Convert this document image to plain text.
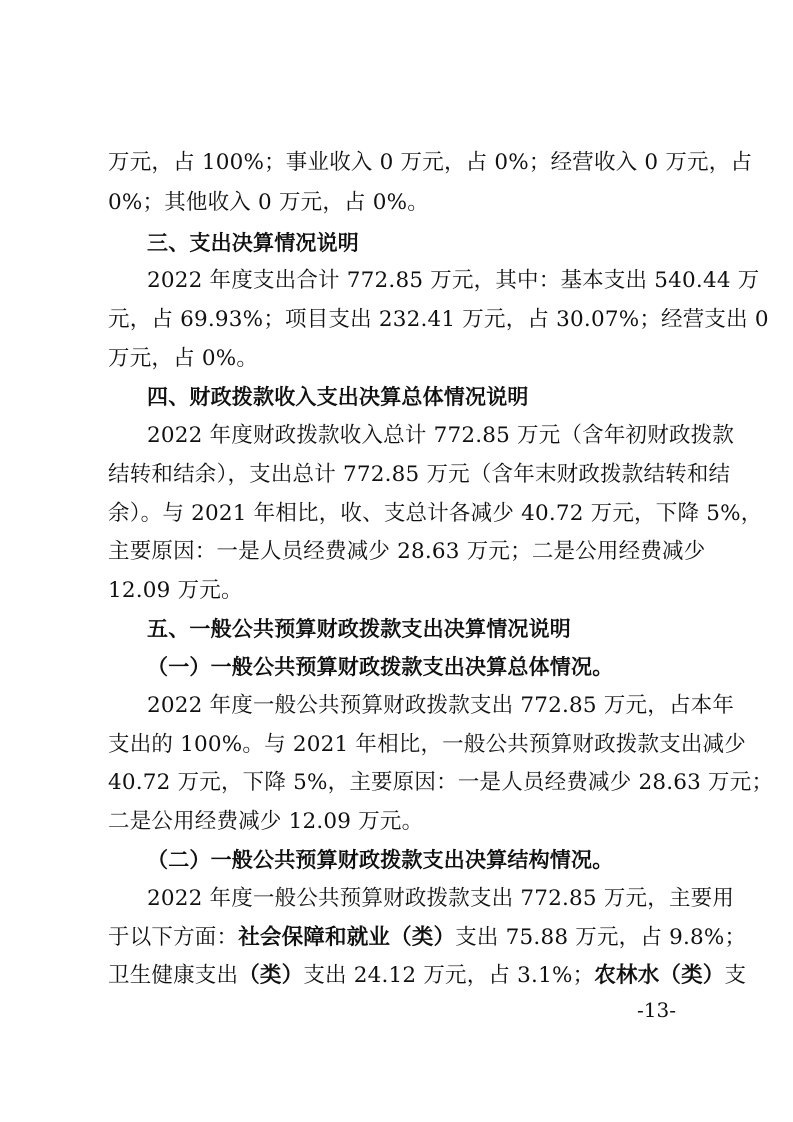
万元，占 100%；事业收入 0 万元，占 0%；经营收入 0 万元，占
0%；其他收入 0 万元，占 0%。
三、支出决算情况说明
2022 年度支出合计 772.85 万元，其中：基本支出 540.44 万
元，占 69.93%；项目支出 232.41 万元，占 30.07%；经营支出 0
万元，占 0%。
四、财政拨款收入支出决算总体情况说明
2022 年度财政拨款收入总计 772.85 万元（含年初财政拨款
结转和结余），支出总计 772.85 万元（含年末财政拨款结转和结
余）。与 2021 年相比，收、支总计各减少 40.72 万元，下降 5%，
主要原因：一是人员经费减少 28.63 万元；二是公用经费减少
12.09 万元。
五、一般公共预算财政拨款支出决算情况说明
（一）一般公共预算财政拨款支出决算总体情况。
2022 年度一般公共预算财政拨款支出 772.85 万元，占本年
支出的 100%。与 2021 年相比，一般公共预算财政拨款支出减少
40.72 万元，下降 5%，主要原因：一是人员经费减少 28.63 万元；
二是公用经费减少 12.09 万元。
（二）一般公共预算财政拨款支出决算结构情况。
2022 年度一般公共预算财政拨款支出 772.85 万元，主要用
于以下方面：社会保障和就业（类）支出 75.88 万元，占 9.8%；
卫生健康支出（类）支出 24.12 万元，占 3.1%；农林水（类）支
-13-
